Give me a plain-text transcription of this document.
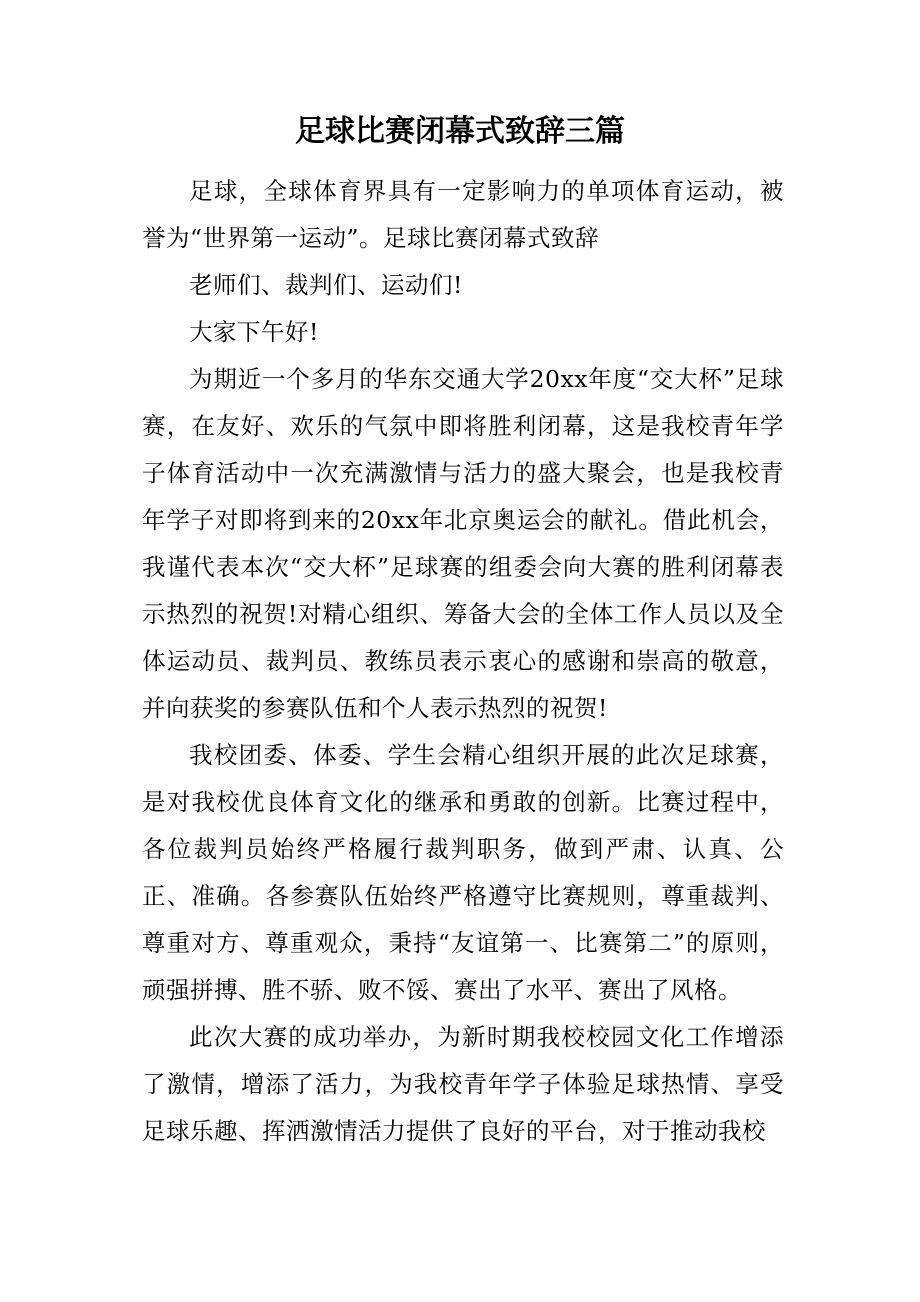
足球比赛闭幕式致辞三篇

足球，全球体育界具有一定影响力的单项体育运动，被誉为“世界第一运动”。足球比赛闭幕式致辞

老师们、裁判们、运动们!

大家下午好!

为期近一个多月的华东交通大学20xx年度“交大杯”足球赛，在友好、欢乐的气氛中即将胜利闭幕，这是我校青年学子体育活动中一次充满激情与活力的盛大聚会，也是我校青年学子对即将到来的20xx年北京奥运会的献礼。借此机会，我谨代表本次“交大杯”足球赛的组委会向大赛的胜利闭幕表示热烈的祝贺!对精心组织、筹备大会的全体工作人员以及全体运动员、裁判员、教练员表示衷心的感谢和崇高的敬意，并向获奖的参赛队伍和个人表示热烈的祝贺!

我校团委、体委、学生会精心组织开展的此次足球赛，是对我校优良体育文化的继承和勇敢的创新。比赛过程中，各位裁判员始终严格履行裁判职务，做到严肃、认真、公正、准确。各参赛队伍始终严格遵守比赛规则，尊重裁判、尊重对方、尊重观众，秉持“友谊第一、比赛第二”的原则，顽强拼搏、胜不骄、败不馁、赛出了水平、赛出了风格。

此次大赛的成功举办，为新时期我校校园文化工作增添了激情，增添了活力，为我校青年学子体验足球热情、享受足球乐趣、挥洒激情活力提供了良好的平台，对于推动我校
